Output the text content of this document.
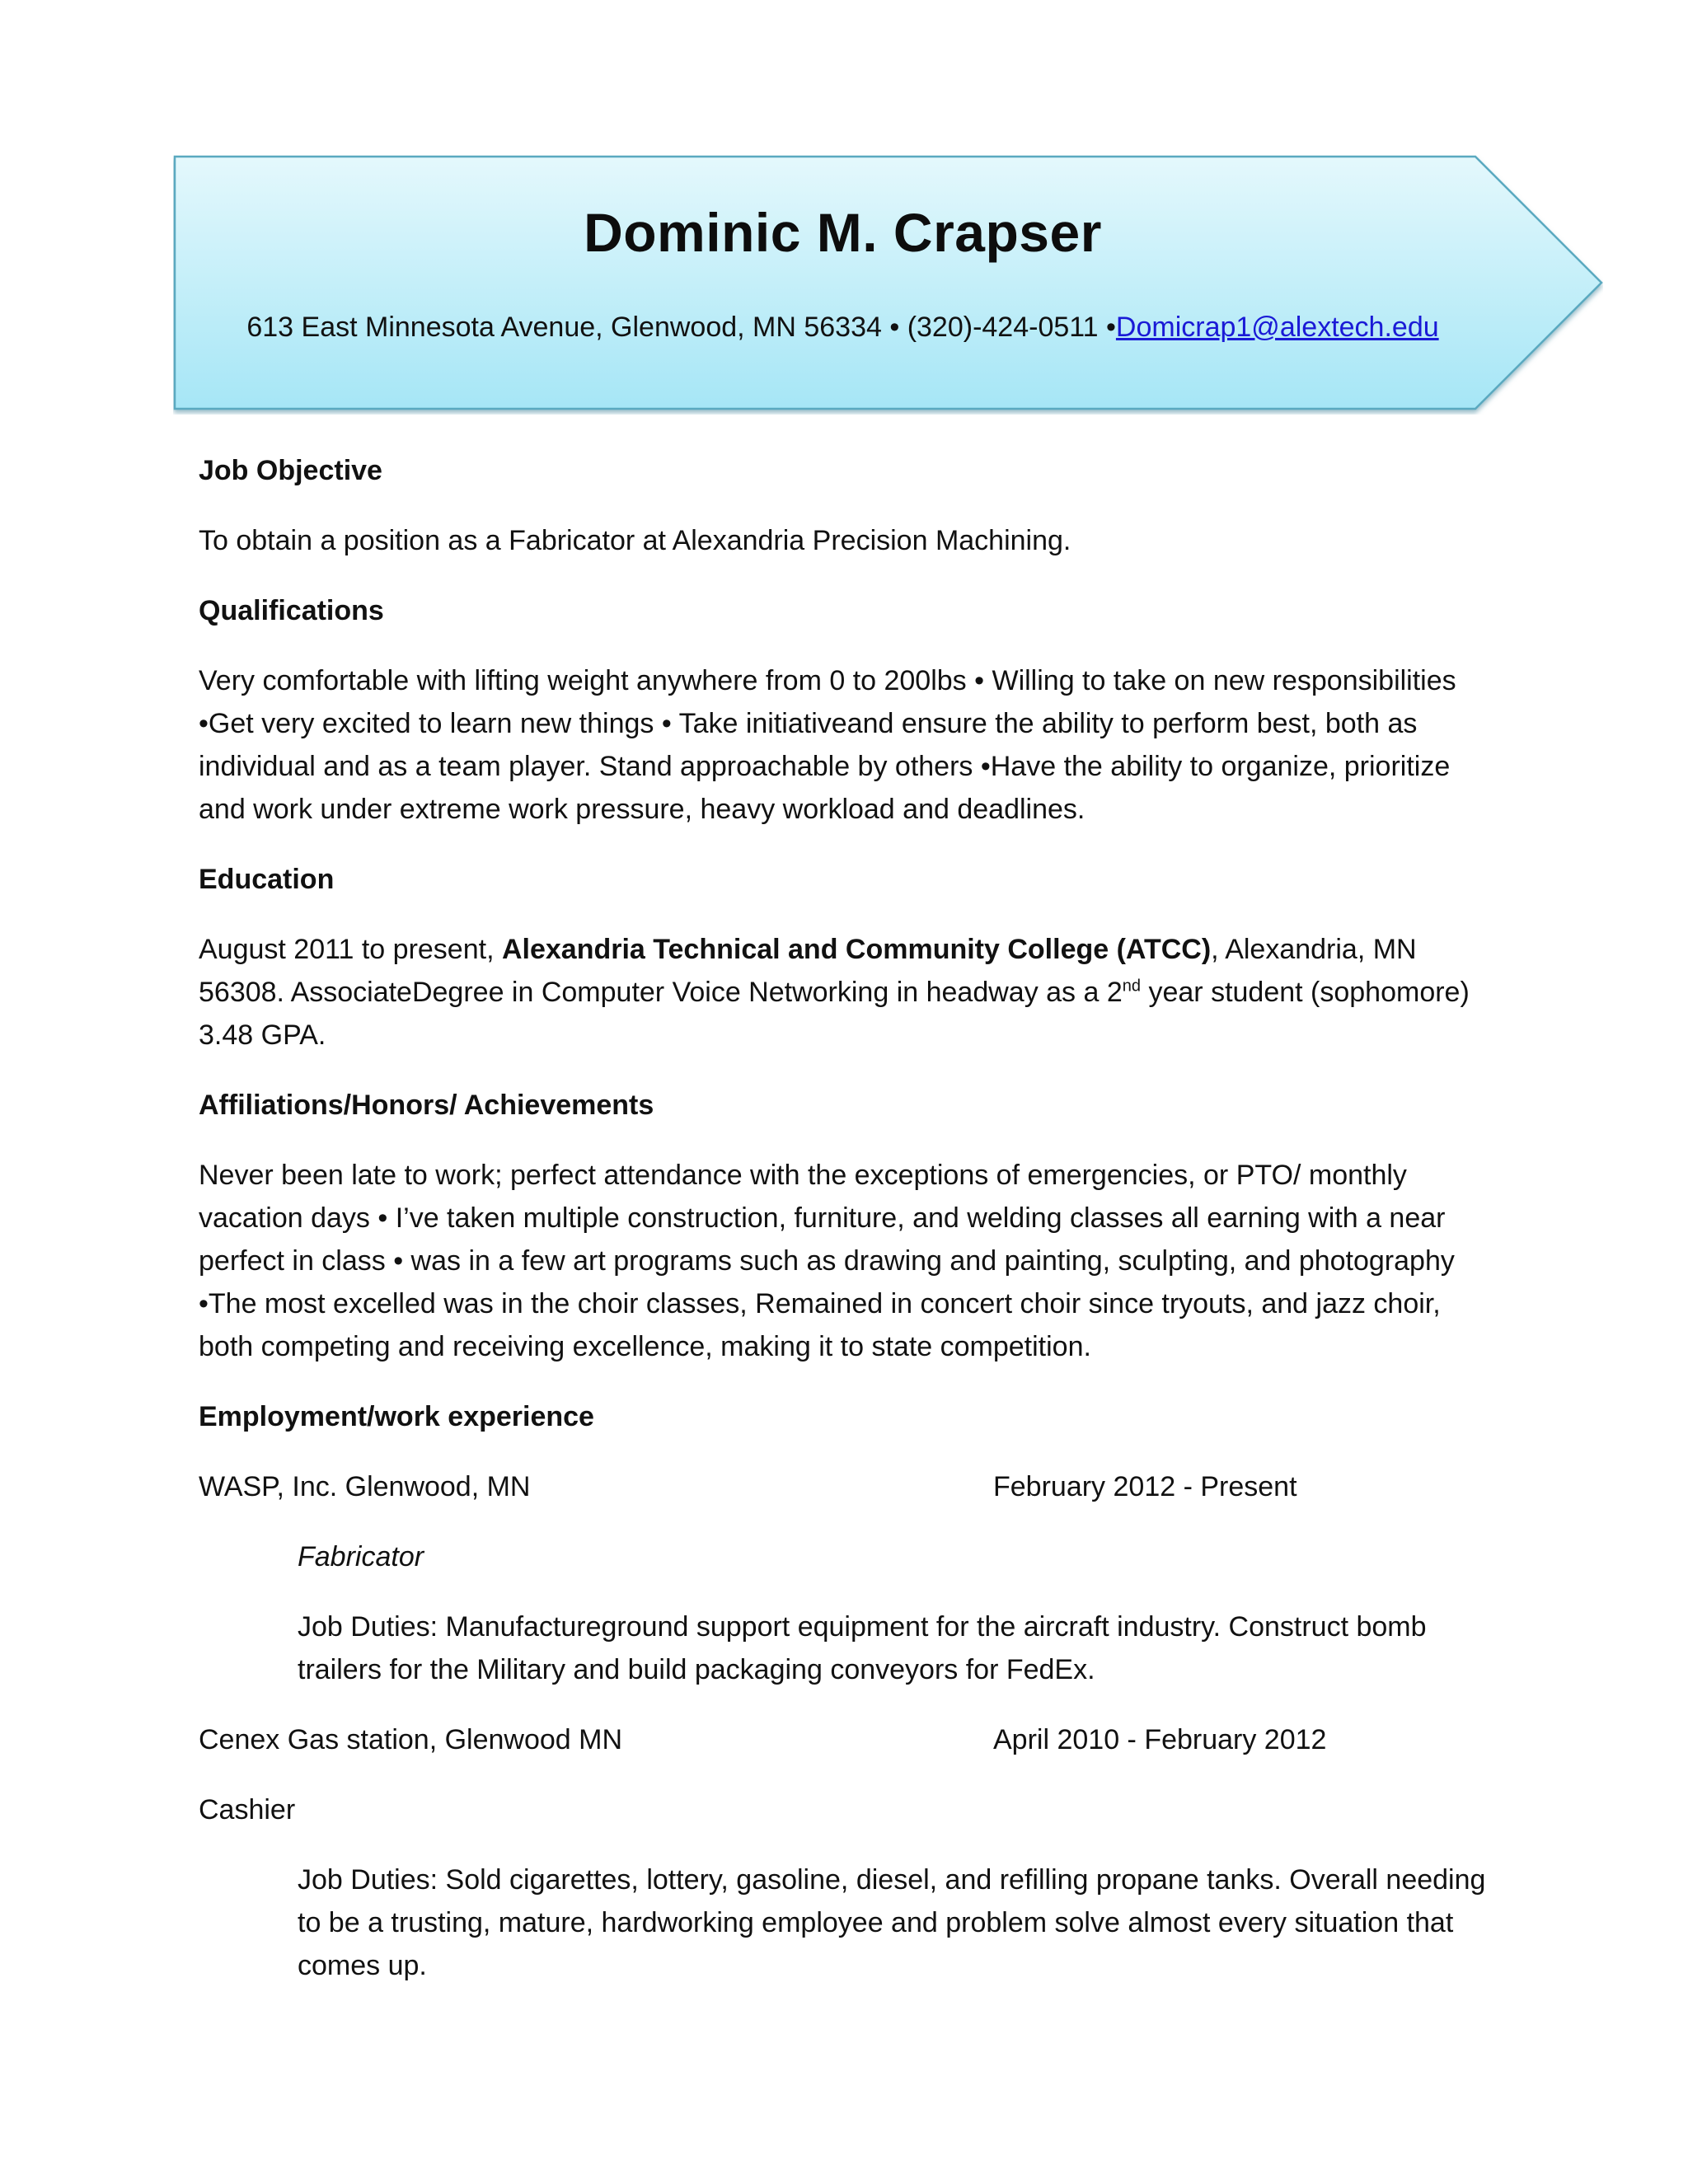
Dominic M. Crapser
613 East Minnesota Avenue, Glenwood, MN 56334 • (320)-424-0511 •Domicrap1@alextech.edu
Job Objective
To obtain a position as a Fabricator at Alexandria Precision Machining.
Qualifications
Very comfortable with lifting weight anywhere from 0 to 200lbs • Willing to take on new responsibilities •Get very excited to learn new things • Take initiativeand ensure the ability to perform best, both as individual and as a team player. Stand approachable by others •Have the ability to organize, prioritize and work under extreme work pressure, heavy workload and deadlines.
Education
August 2011 to present, Alexandria Technical and Community College (ATCC), Alexandria, MN 56308. AssociateDegree in Computer Voice Networking in headway as a 2nd year student (sophomore) 3.48 GPA.
Affiliations/Honors/ Achievements
Never been late to work; perfect attendance with the exceptions of emergencies, or PTO/ monthly vacation days • I’ve taken multiple construction, furniture, and welding classes all earning with a near perfect in class • was in a few art programs such as drawing and painting, sculpting, and photography •The most excelled was in the choir classes, Remained in concert choir since tryouts, and jazz choir, both competing and receiving excellence, making it to state competition.
Employment/work experience
WASP, Inc. Glenwood, MN	February 2012 - Present
Fabricator
Job Duties: Manufactureground support equipment for the aircraft industry. Construct bomb trailers for the Military and build packaging conveyors for FedEx.
Cenex Gas station, Glenwood MN	April 2010 - February 2012
Cashier
Job Duties: Sold cigarettes, lottery, gasoline, diesel, and refilling propane tanks. Overall needing to be a trusting, mature, hardworking employee and problem solve almost every situation that comes up.
